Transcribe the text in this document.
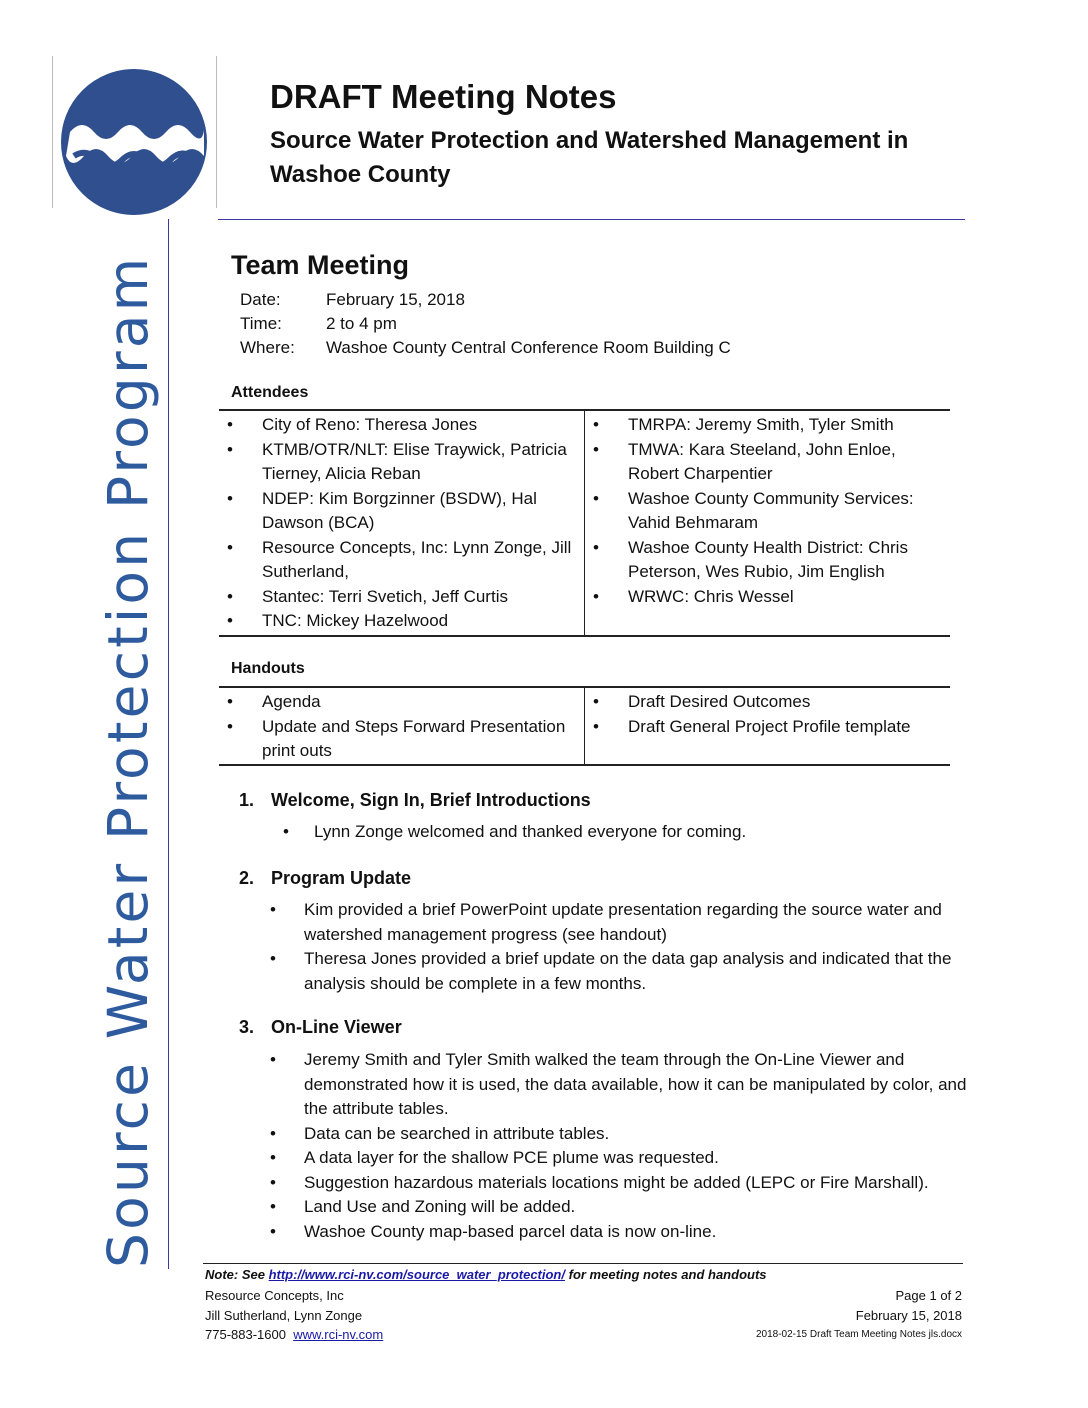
DRAFT Meeting Notes
Source Water Protection and Watershed Management in
Washoe County
Source Water Protection Program	Team Meeting
Date:	February 15, 2018
Time:	2 to 4 pm
Where:	Washoe County Central Conference Room Building C
Attendees
•	City of Reno: Theresa Jones
•	KTMB/OTR/NLT: Elise Traywick, Patricia Tierney, Alicia Reban
•	NDEP: Kim Borgzinner (BSDW), Hal Dawson (BCA)
•	Resource Concepts, Inc: Lynn Zonge, Jill Sutherland,
•	Stantec: Terri Svetich, Jeff Curtis
•	TNC: Mickey Hazelwood
•	TMRPA: Jeremy Smith, Tyler Smith
•	TMWA: Kara Steeland, John Enloe, Robert Charpentier
•	Washoe County Community Services: Vahid Behmaram
•	Washoe County Health District: Chris Peterson, Wes Rubio, Jim English
•	WRWC: Chris Wessel
Handouts
•	Agenda
•	Update and Steps Forward Presentation print outs
•	Draft Desired Outcomes
•	Draft General Project Profile template
1. Welcome, Sign In, Brief Introductions
•	Lynn Zonge welcomed and thanked everyone for coming.
2. Program Update
•	Kim provided a brief PowerPoint update presentation regarding the source water and watershed management progress (see handout)
•	Theresa Jones provided a brief update on the data gap analysis and indicated that the analysis should be complete in a few months.
3. On-Line Viewer
•	Jeremy Smith and Tyler Smith walked the team through the On-Line Viewer and demonstrated how it is used, the data available, how it can be manipulated by color, and the attribute tables.
•	Data can be searched in attribute tables.
•	A data layer for the shallow PCE plume was requested.
•	Suggestion hazardous materials locations might be added (LEPC or Fire Marshall).
•	Land Use and Zoning will be added.
•	Washoe County map-based parcel data is now on-line.
Note: See http://www.rci-nv.com/source_water_protection/ for meeting notes and handouts
Resource Concepts, Inc
Jill Sutherland, Lynn Zonge
775-883-1600 www.rci-nv.com
Page 1 of 2
February 15, 2018
2018-02-15 Draft Team Meeting Notes jls.docx
